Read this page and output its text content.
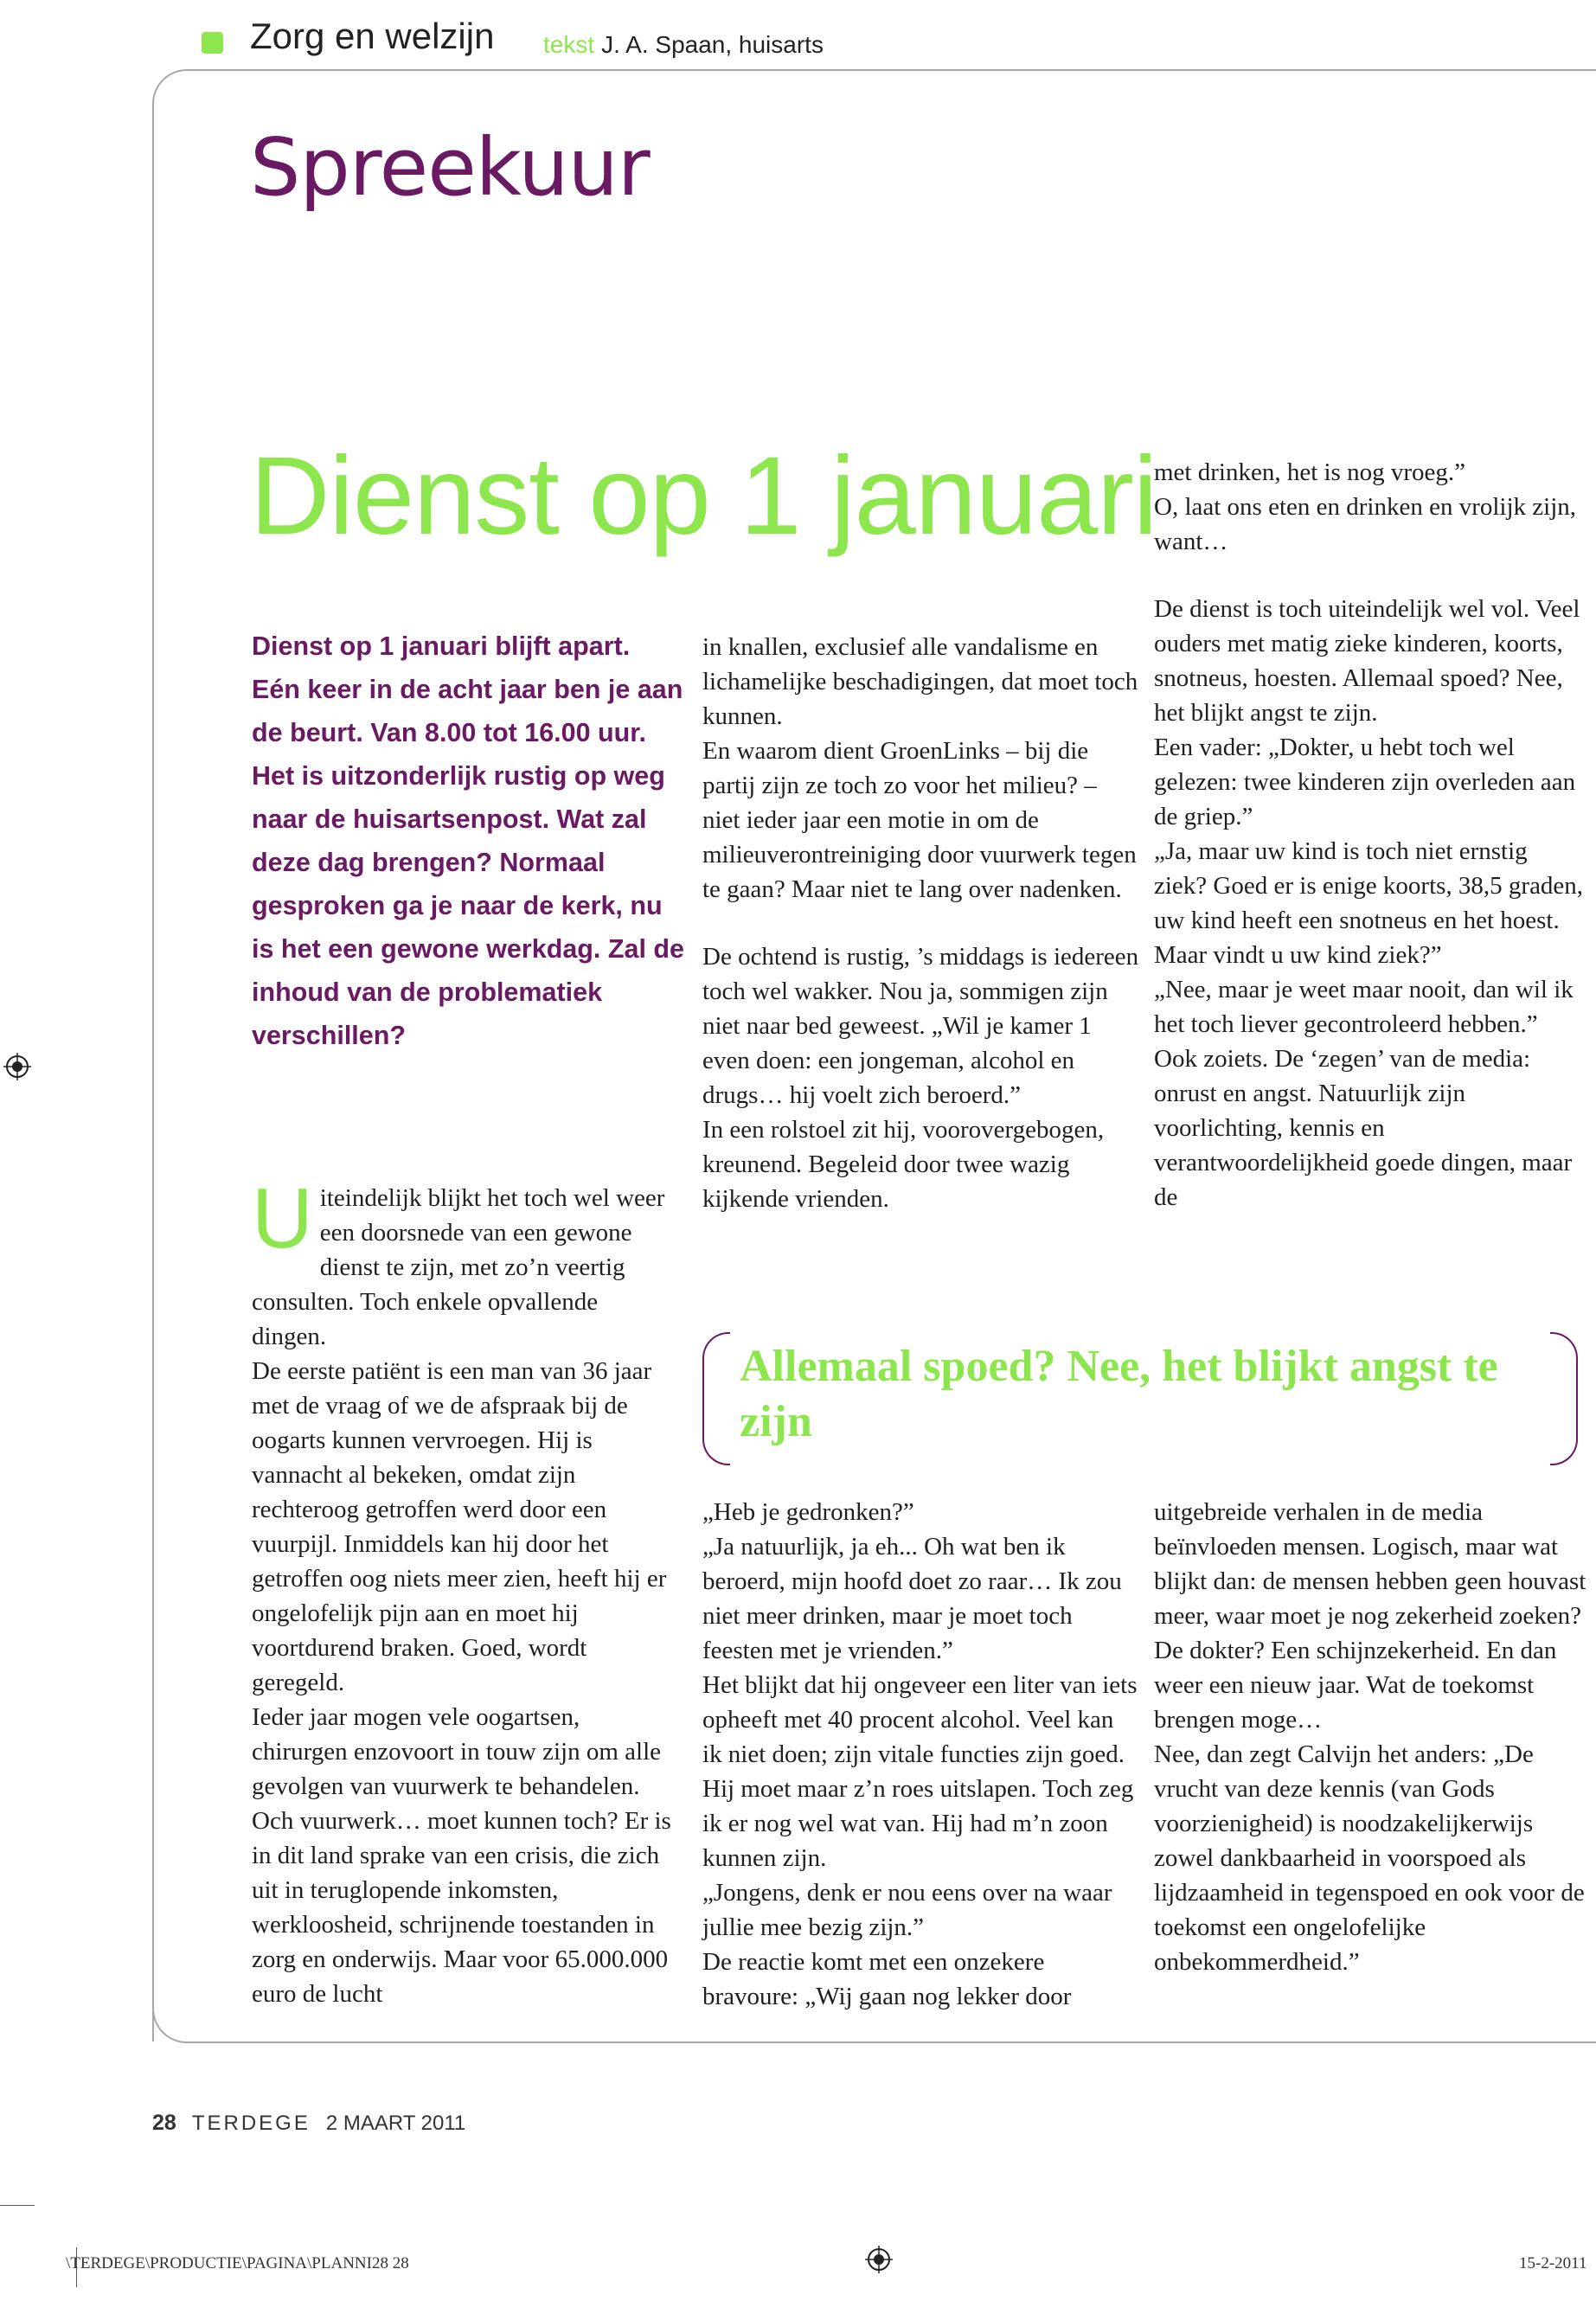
Zorg en welzijn tekst J. A. Spaan, huisarts
Spreekuur
Dienst op 1 januari
Dienst op 1 januari blijft apart. Eén keer in de acht jaar ben je aan de beurt. Van 8.00 tot 16.00 uur. Het is uitzonderlijk rustig op weg naar de huisartsenpost. Wat zal deze dag brengen? Normaal gesproken ga je naar de kerk, nu is het een gewone werkdag. Zal de inhoud van de problematiek verschillen?

Uiteindelijk blijkt het toch wel weer een doorsnede van een gewone dienst te zijn, met zo’n veertig consulten. Toch enkele opvallende dingen.

De eerste patiënt is een man van 36 jaar met de vraag of we de afspraak bij de oogarts kunnen vervroegen. Hij is vannacht al bekeken, omdat zijn rechteroog getroffen werd door een vuurpijl. Inmiddels kan hij door het getroffen oog niets meer zien, heeft hij er ongelofelijk pijn aan en moet hij voortdurend braken. Goed, wordt geregeld.

Ieder jaar mogen vele oogartsen, chirurgen enzovoort in touw zijn om alle gevolgen van vuurwerk te behandelen.

Och vuurwerk… moet kunnen toch? Er is in dit land sprake van een crisis, die zich uit in teruglopende inkomsten, werkloosheid, schrijnende toestanden in zorg en onderwijs. Maar voor 65.000.000 euro de lucht

in knallen, exclusief alle vandalisme en lichamelijke beschadigingen, dat moet toch kunnen.

En waarom dient GroenLinks – bij die partij zijn ze toch zo voor het milieu? – niet ieder jaar een motie in om de milieuverontreiniging door vuurwerk tegen te gaan? Maar niet te lang over nadenken.

De ochtend is rustig, ’s middags is iedereen toch wel wakker. Nou ja, sommigen zijn niet naar bed geweest. „Wil je kamer 1 even doen: een jongeman, alcohol en drugs… hij voelt zich beroerd.”

In een rolstoel zit hij, voorovergebogen, kreunend. Begeleid door twee wazig kijkende vrienden.

met drinken, het is nog vroeg.”

O, laat ons eten en drinken en vrolijk zijn, want…

De dienst is toch uiteindelijk wel vol. Veel ouders met matig zieke kinderen, koorts, snotneus, hoesten. Allemaal spoed? Nee, het blijkt angst te zijn.

Een vader: „Dokter, u hebt toch wel gelezen: twee kinderen zijn overleden aan de griep.”

„Ja, maar uw kind is toch niet ernstig ziek? Goed er is enige koorts, 38,5 graden, uw kind heeft een snotneus en het hoest. Maar vindt u uw kind ziek?”

„Nee, maar je weet maar nooit, dan wil ik het toch liever gecontroleerd hebben.”

Ook zoiets. De ‘zegen’ van de media: onrust en angst. Natuurlijk zijn voorlichting, kennis en verantwoordelijkheid goede dingen, maar de

Allemaal spoed? Nee, het blijkt angst te zijn

„Heb je gedronken?”

„Ja natuurlijk, ja eh... Oh wat ben ik beroerd, mijn hoofd doet zo raar… Ik zou niet meer drinken, maar je moet toch feesten met je vrienden.”

Het blijkt dat hij ongeveer een liter van iets opheeft met 40 procent alcohol. Veel kan ik niet doen; zijn vitale functies zijn goed. Hij moet maar z’n roes uitslapen. Toch zeg ik er nog wel wat van. Hij had m’n zoon kunnen zijn.

„Jongens, denk er nou eens over na waar jullie mee bezig zijn.”

De reactie komt met een onzekere bravoure: „Wij gaan nog lekker door

uitgebreide verhalen in de media beïnvloeden mensen. Logisch, maar wat blijkt dan: de mensen hebben geen houvast meer, waar moet je nog zekerheid zoeken? De dokter? Een schijnzekerheid. En dan weer een nieuw jaar. Wat de toekomst brengen moge…

Nee, dan zegt Calvijn het anders: „De vrucht van deze kennis (van Gods voorzienigheid) is noodzakelijkerwijs zowel dankbaarheid in voorspoed als lijdzaamheid in tegenspoed en ook voor de toekomst een ongelofelijke onbekommerdheid.”

28 TERDEGE 2 MAART 2011
\TERDEGE\PRODUCTIE\PAGINA\PLANNI28 28	15-2-2011
